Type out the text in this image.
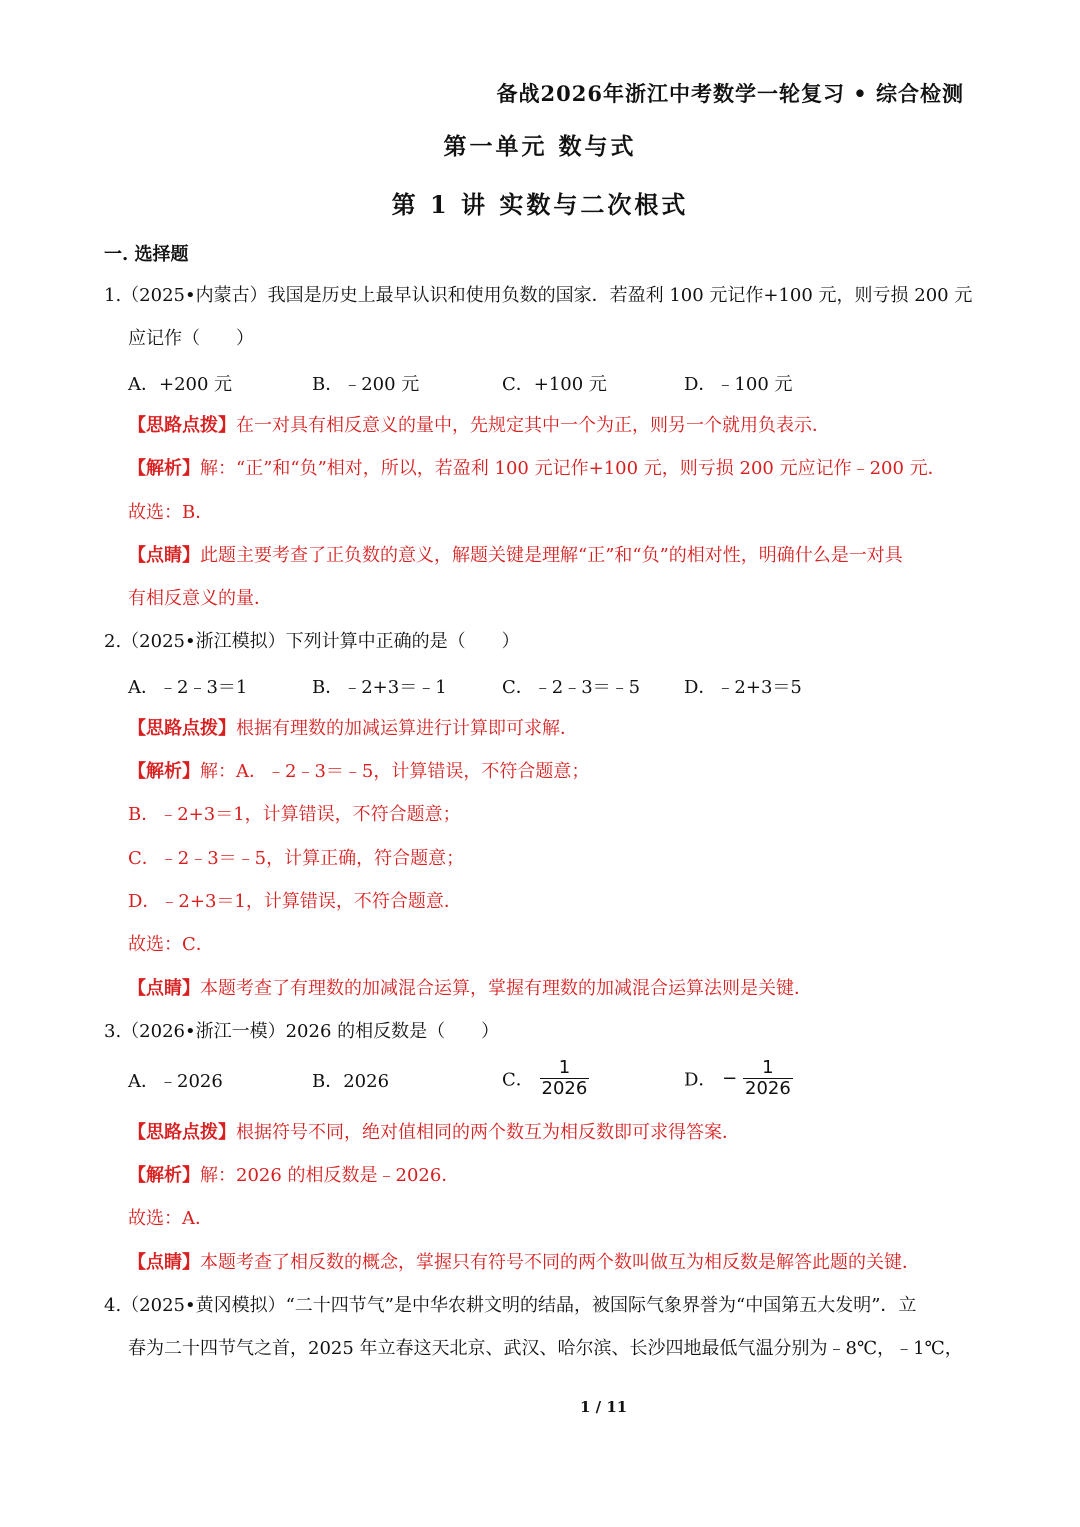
备战2026年浙江中考数学一轮复习 • 综合检测
第一单元 数与式
第 1 讲 实数与二次根式
一. 选择题
1.（2025•内蒙古）我国是历史上最早认识和使用负数的国家．若盈利 100 元记作+100 元，则亏损 200 元
应记作（　　）
A．+200 元	B．﹣200 元	C．+100 元	D．﹣100 元
【思路点拨】在一对具有相反意义的量中，先规定其中一个为正，则另一个就用负表示．
【解析】解：“正”和“负”相对，所以，若盈利 100 元记作+100 元，则亏损 200 元应记作﹣200 元．
故选：B．
【点睛】此题主要考查了正负数的意义，解题关键是理解“正”和“负”的相对性，明确什么是一对具
有相反意义的量．
2.（2025•浙江模拟）下列计算中正确的是（　　）
A．﹣2﹣3＝1	B．﹣2+3＝﹣1	C．﹣2﹣3＝﹣5 D．﹣2+3＝5
【思路点拨】根据有理数的加减运算进行计算即可求解．
【解析】解：A．﹣2﹣3＝﹣5，计算错误，不符合题意；
B．﹣2+3＝1，计算错误，不符合题意；
C．﹣2﹣3＝﹣5，计算正确，符合题意；
D．﹣2+3＝1，计算错误，不符合题意．
故选：C．
【点睛】本题考查了有理数的加减混合运算，掌握有理数的加减混合运算法则是关键．
3.（2026•浙江一模）2026 的相反数是（　　）
A．﹣2026	B．2026	C． $\frac{1}{2026}$	D． − $\frac{1}{2026}$
【思路点拨】根据符号不同，绝对值相同的两个数互为相反数即可求得答案．
【解析】解：2026 的相反数是﹣2026．
故选：A．
【点睛】本题考查了相反数的概念，掌握只有符号不同的两个数叫做互为相反数是解答此题的关键．
4.（2025•黄冈模拟）“二十四节气”是中华农耕文明的结晶，被国际气象界誉为“中国第五大发明”．立
春为二十四节气之首，2025 年立春这天北京、武汉、哈尔滨、长沙四地最低气温分别为﹣8℃，﹣1℃，
1 / 11
